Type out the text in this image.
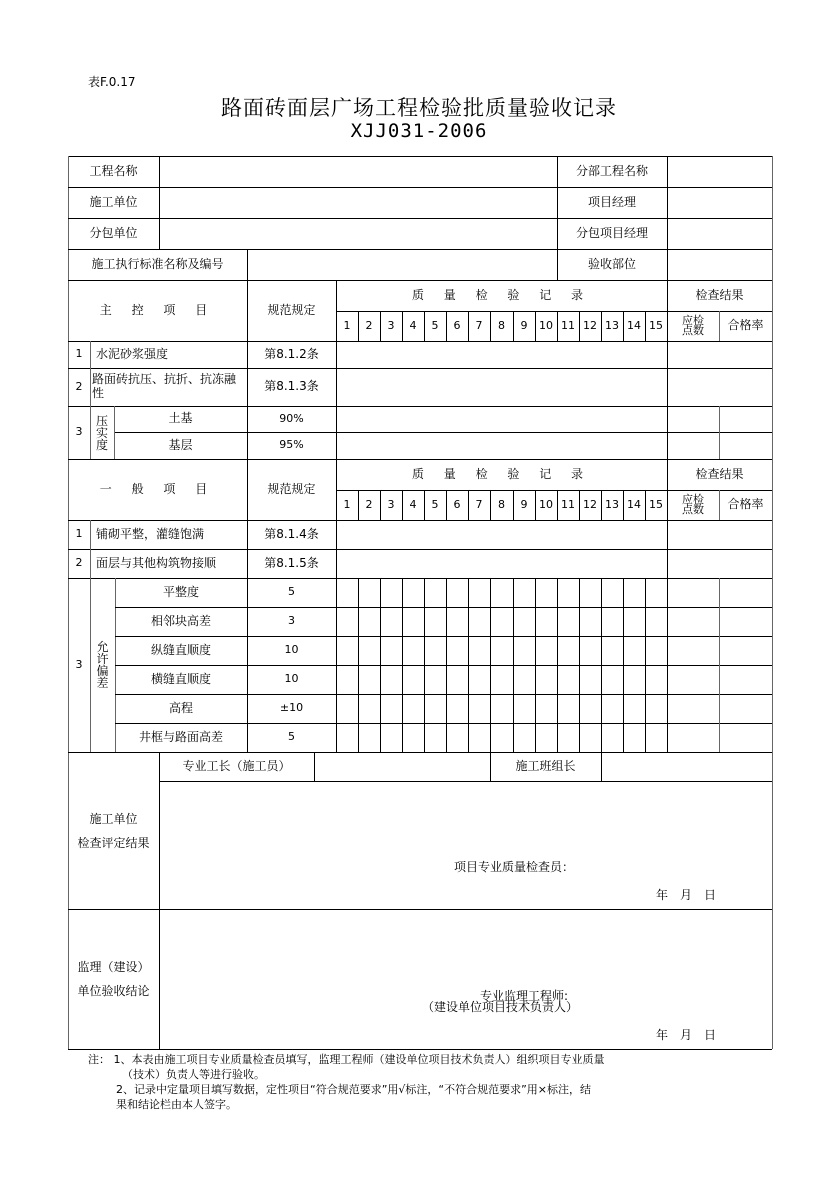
表F.0.17
路面砖面层广场工程检验批质量验收记录
XJJ031-2006
工程名称	分部工程名称
施工单位	项目经理
分包单位	分包项目经理
施工执行标准名称及编号	验收部位
主 控 项 目	规范规定
质 量 检 验 记 录	检查结果
1	2	3	4	5	6	7	8	9	10 11 12 13 14 15	应检点数	合格率
1	水泥砂浆强度	第8.1.2条
2 路面砖抗压、抗折、抗冻融性	第8.1.3条
3
压实度
土基	90%
基层	95%
一 般 项 目	规范规定
质 量 检 验 记 录	检查结果
1	2	3	4	5	6	7	8	9	10 11 12 13 14 15	应检点数	合格率
1	铺砌平整，灌缝饱满	第8.1.4条
2	面层与其他构筑物接顺	第8.1.5条
3
允许偏差
平整度	5
相邻块高差	3
纵缝直顺度	10
横缝直顺度	10
高程	±10
井框与路面高差	5
施工单位
检查评定结果
专业工长（施工员）	施工班组长
项目专业质量检查员：
年　月　日
监理（建设）
单位验收结论	专业监理工程师:
（建设单位项目技术负责人）
年　月　日
注： 1、本表由施工项目专业质量检查员填写，监理工程师（建设单位项目技术负责人）组织项目专业质量
（技术）负责人等进行验收。
2、记录中定量项目填写数据，定性项目“符合规范要求”用√标注，“不符合规范要求”用×标注，结
果和结论栏由本人签字。
